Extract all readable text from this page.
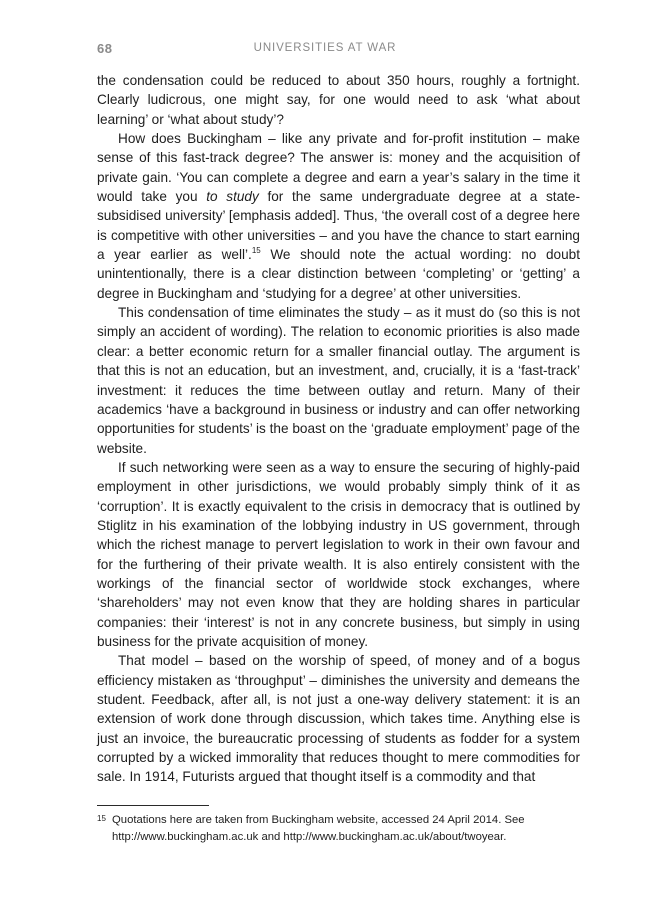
68	UNIVERSITIES AT WAR

the condensation could be reduced to about 350 hours, roughly a fortnight. Clearly ludicrous, one might say, for one would need to ask ‘what about learning’ or ‘what about study’?

How does Buckingham – like any private and for-profit institution – make sense of this fast-track degree? The answer is: money and the acquisition of private gain. ‘You can complete a degree and earn a year’s salary in the time it would take you to study for the same undergraduate degree at a state-subsidised university’ [emphasis added]. Thus, ‘the overall cost of a degree here is competitive with other universities – and you have the chance to start earning a year earlier as well’.$^{15}$ We should note the actual wording: no doubt unintentionally, there is a clear distinction between ‘completing’ or ‘getting’ a degree in Buckingham and ‘studying for a degree’ at other universities.

This condensation of time eliminates the study – as it must do (so this is not simply an accident of wording). The relation to economic priorities is also made clear: a better economic return for a smaller financial outlay. The argument is that this is not an education, but an investment, and, crucially, it is a ‘fast-track’ investment: it reduces the time between outlay and return. Many of their academics ‘have a background in business or industry and can offer networking opportunities for students’ is the boast on the ‘graduate employment’ page of the website.

If such networking were seen as a way to ensure the securing of highly-paid employment in other jurisdictions, we would probably simply think of it as ‘corruption’. It is exactly equivalent to the crisis in democracy that is outlined by Stiglitz in his examination of the lobbying industry in US government, through which the richest manage to pervert legislation to work in their own favour and for the furthering of their private wealth. It is also entirely consistent with the workings of the financial sector of worldwide stock exchanges, where ‘shareholders’ may not even know that they are holding shares in particular companies: their ‘interest’ is not in any concrete business, but simply in using business for the private acquisition of money.

That model – based on the worship of speed, of money and of a bogus efficiency mistaken as ‘throughput’ – diminishes the university and demeans the student. Feedback, after all, is not just a one-way delivery statement: it is an extension of work done through discussion, which takes time. Anything else is just an invoice, the bureaucratic processing of students as fodder for a system corrupted by a wicked immorality that reduces thought to mere commodities for sale. In 1914, Futurists argued that thought itself is a commodity and that

15 Quotations here are taken from Buckingham website, accessed 24 April 2014. See http://www.buckingham.ac.uk and http://www.buckingham.ac.uk/about/twoyear.
